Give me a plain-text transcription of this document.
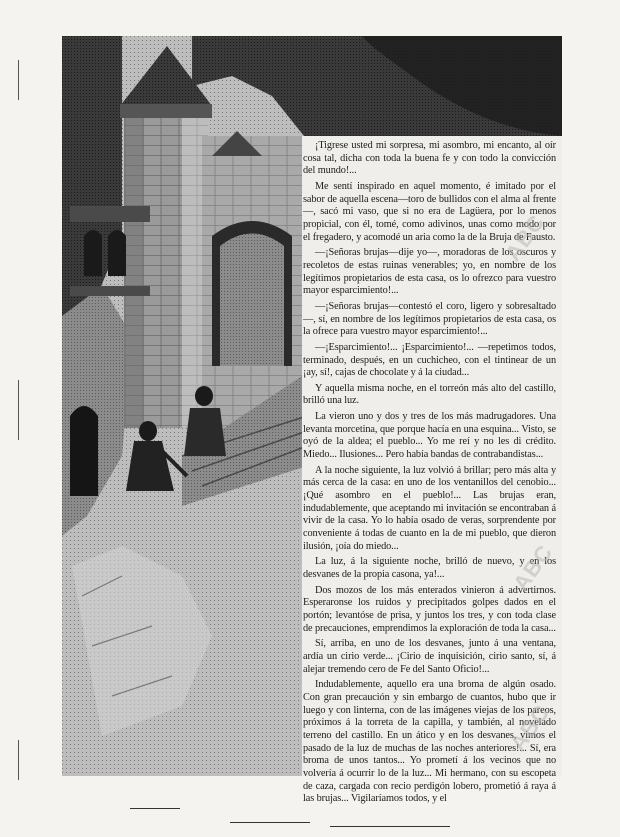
¡Tigrese usted mi sorpresa, mi asombro, mi encanto, al oír cosa tal, dicha con toda la buena fe y con todo la convicción del mundo!...

Me sentí inspirado en aquel momento, é imitado por el sabor de aquella escena—toro de bullidos con el alma al frente—, sacó mi vaso, que si no era de Lagüera, por lo menos propicial, con él, tomé, como adivinos, unas como modo por el fregadero, y acomodé un aria como la de la Bruja de Fausto.

—¡Señoras brujas—dije yo—, moradoras de los oscuros y recoletos de estas ruinas venerables; yo, en nombre de los legítimos propietarios de esta casa, os lo ofrezco para vuestro mayor esparcimiento!...

—¡Señoras brujas—contestó el coro, ligero y sobresaltado—, sí, en nombre de los legítimos propietarios de esta casa, os la ofrece para vuestro mayor esparcimiento!...

—¡Esparcimiento!... ¡Esparcimiento!... —repetimos todos, terminado, después, en un cuchicheo, con el tintinear de un ¡ay, sí!, cajas de chocolate y á la ciudad...

Y aquella misma noche, en el torreón más alto del castillo, brilló una luz.

La vieron uno y dos y tres de los más madrugadores. Una levanta morcetina, que porque hacía en una esquina... Visto, se oyó de la aldea; el pueblo... Yo me reí y no les di crédito. Miedo... Ilusiones... Pero había bandas de contrabandistas...

A la noche siguiente, la luz volvió á brillar; pero más alta y más cerca de la casa: en uno de los ventanillos del cenobio... ¡Qué asombro en el pueblo!... Las brujas eran, indudablemente, que aceptando mi invitación se encontraban á vivir de la casa. Yo lo había osado de veras, sorprendente por conveniente á todas de cuanto en la de mi pueblo, que dieron ilusión, ¡oía do miedo...

La luz, á la siguiente noche, brilló de nuevo, y en los desvanes de la propia casona, ya!...

Dos mozos de los más enterados vinieron á advertirnos. Esperaronse los ruidos y precipitados golpes dados en el portón; levantóse de prisa, y juntos los tres, y con toda clase de precauciones, emprendimos la exploración de toda la casa...

Sí, arriba, en uno de los desvanes, junto á una ventana, ardía un cirio verde... ¡Cirio de inquisición, cirio santo, sí, á alejar tremendo cero de Fe del Santo Oficio!...

Indudablemente, aquello era una broma de algún osado. Con gran precaución y sin embargo de cuantos, hubo que ir luego y con linterna, con de las imágenes viejas de los pareos, próximos á la torreta de la capilla, y también, al novelado terreno del castillo. En un ático y en los desvanes, vimos el pasado de la luz de muchas de las noches anteriores!... Sí, era broma de unos tantos... Yo prometí á los vecinos que no volvería á ocurrir lo de la luz... Mi hermano, con su escopeta de caza, cargada con recio perdigón lobero, prometió á raya á las brujas... Vigilaríamos todos, y el

ABC
ABC
ABC
